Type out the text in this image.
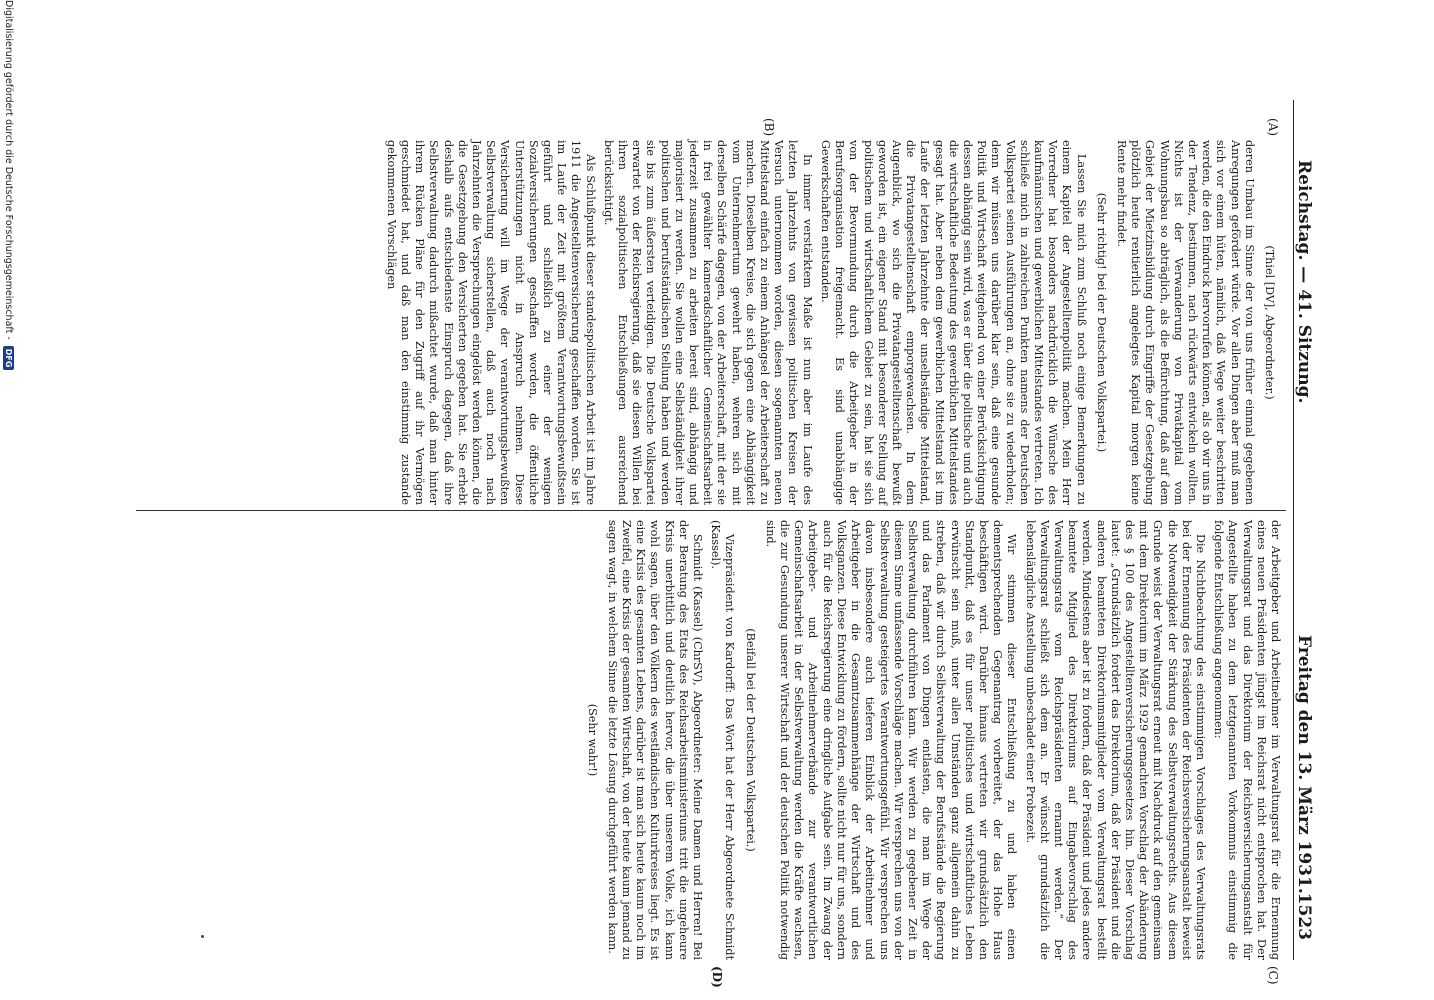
Reichstag. — 41. Sitzung.
Freitag den 13. März 1931.
1523
(A)
(B)
(C)
(D)

(Thiel [DV], Abgeordneter.)

deren Umbau im Sinne der von uns früher einmal gegebenen Anregungen gefördert würde. Vor allen Dingen aber muß man sich vor einem hüten, nämlich, daß Wege weiter beschritten werden, die den Eindruck hervorrufen können, als ob wir uns in der Tendenz, bestimmen, nach rückwärts entwickeln wollten. Nichts ist der Verwanderung von Privatkapital vom Wohnungsbau so abträglich, als die Befürchtung, daß auf dem Gebiet der Mietzinsbildung durch Eingriffe der Gesetzgebung plötzlich heute rentierlich angelegtes Kapital morgen keine Rente mehr findet.

(Sehr richtig! bei der Deutschen Volkspartei.)

Lassen Sie mich zum Schluß noch einige Bemerkungen zu einem Kapitel der Angestelltenpolitik machen. Mein Herr Vorredner hat besonders nachdrücklich die Wünsche des kaufmännischen und gewerblichen Mittelstandes vertreten. Ich schließe mich in zahlreichen Punkten namens der Deutschen Volkspartei seinen Ausführungen an, ohne sie zu wiederholen; denn wir müssen uns darüber klar sein, daß eine gesunde Politik und Wirtschaft weitgehend von einer Berücksichtigung dessen abhängig sein wird, was er über die politische und auch die wirtschaftliche Bedeutung des gewerblichen Mittelstandes gesagt hat. Aber neben dem gewerblichen Mittelstand ist im Laufe der letzten Jahrzehnte der unselbständige Mittelstand, die Privatangestelltenschaft emporgewachsen. In dem Augenblick, wo sich die Privatangestelltenschaft bewußt geworden ist, ein eigener Stand mit besonderer Stellung auf politischem und wirtschaftlichem Gebiet zu sein, hat sie sich von der Bevormundung durch die Arbeitgeber in der Berufsorganisation freigemacht. Es sind unabhängige Gewerkschaften entstanden.

In immer verstärktem Maße ist nun aber im Laufe des letzten Jahrzehnts von gewissen politischen Kreisen der Versuch unternommen worden, diesen sogenannten neuen Mittelstand einfach zu einem Anhängsel der Arbeiterschaft zu machen. Dieselben Kreise, die sich gegen eine Abhängigkeit vom Unternehmertum gewehrt haben, wehren sich mit derselben Schärfe dagegen, von der Arbeiterschaft, mit der sie in frei gewählter kameradschaftlicher Gemeinschaftsarbeit jederzeit zusammen zu arbeiten bereit sind, abhängig und majorisiert zu werden. Sie wollen eine Selbständigkeit ihrer politischen und berufsständischen Stellung haben und werden sie bis zum äußersten verteidigen. Die Deutsche Volkspartei erwartet von der Reichsregierung, daß sie diesen Willen bei ihren sozialpolitischen Entschließungen ausreichend berücksichtigt.

Als Schlußpunkt dieser standespolitischen Arbeit ist im Jahre 1911 die Angestelltenversicherung geschaffen worden. Sie ist im Laufe der Zeit mit größtem Verantwortungsbewußtsein geführt und schließlich zu einer der wenigen Sozialversicherungen geschaffen worden, die öffentliche Unterstützungen nicht in Anspruch nehmen. Diese Versicherung will im Wege der verantwortungsbewußten Selbstverwaltung sicherstellen, daß auch noch nach Jahrzehnten die Versprechungen eingelöst werden können, die die Gesetzgebung den Versicherten gegeben hat. Sie erhebt deshalb aufs entschiedenste Einspruch dagegen, daß ihre Selbstverwaltung dadurch mißachtet wurde, daß man hinter ihrem Rücken Pläne für den Zugriff auf ihr Vermögen geschmiedet hat, und daß man den einstimmig zustande gekommenen Vorschlägen

der Arbeitgeber und Arbeitnehmer im Verwaltungsrat für die Ernennung eines neuen Präsidenten jüngst im Reichsrat nicht entsprochen hat. Der Verwaltungsrat und das Direktorium der Reichsversicherungsanstalt für Angestellte haben zu dem letztgenannten Vorkommnis einstimmig die folgende Entschließung angenommen:

Die Nichtbeachtung des einstimmigen Vorschlages des Verwaltungsrats bei der Ernennung des Präsidenten der Reichsversicherungsanstalt beweist die Notwendigkeit der Stärkung des Selbstverwaltungsrechts. Aus diesem Grunde weist der Verwaltungsrat erneut mit Nachdruck auf den gemeinsam mit dem Direktorium im März 1929 gemachten Vorschlag der Abänderung des § 100 des Angestelltenversicherungsgesetzes hin. Dieser Vorschlag lautet: „Grundsätzlich fordert das Direktorium, daß der Präsident und die anderen beamteten Direktoriumsmitglieder vom Verwaltungsrat bestellt werden. Mindestens aber ist zu fordern, daß der Präsident und jedes andere beamtete Mitglied des Direktoriums auf Eingabevorschlag des Verwaltungsrats vom Reichspräsidenten ernannt werden.“ Der Verwaltungsrat schließt sich dem an. Er wünscht grundsätzlich die lebenslängliche Anstellung unbeschadet einer Probezeit.

Wir stimmen dieser Entschließung zu und haben einen dementsprechenden Gegenantrag vorbereitet, der das Hohe Haus beschäftigen wird. Darüber hinaus vertreten wir grundsätzlich den Standpunkt, daß es für unser politisches und wirtschaftliches Leben erwünscht sein muß, unter allen Umständen ganz allgemein dahin zu streben, daß wir durch Selbstverwaltung der Berufsstände die Regierung und das Parlament von Dingen entlasten, die man im Wege der Selbstverwaltung durchführen kann. Wir werden zu gegebener Zeit in diesem Sinne umfassende Vorschläge machen. Wir versprechen uns von der Selbstverwaltung gesteigertes Verantwortungsgefühl. Wir versprechen uns davon insbesondere auch tieferen Einblick der Arbeitnehmer und Arbeitgeber in die Gesamtzusammenhänge der Wirtschaft und des Volksganzen. Diese Entwicklung zu fördern, sollte nicht nur für uns, sondern auch für die Reichsregierung eine dringliche Aufgabe sein. Im Zwang der Arbeitgeber- und Arbeitnehmerverbände zur verantwortlichen Gemeinschaftsarbeit in der Selbstverwaltung werden die Kräfte wachsen, die zur Gesundung unserer Wirtschaft und der deutschen Politik notwendig sind.

(Beifall bei der Deutschen Volkspartei.)

Vizepräsident von Kardorff: Das Wort hat der Herr Abgeordnete Schmidt (Kassel).

Schmidt (Kassel) (ChrSV), Abgeordneter: Meine Damen und Herren! Bei der Beratung des Etats des Reichsarbeitsministeriums tritt die ungeheure Krisis unerbittlich und deutlich hervor, die über unserem Volke, ich kann wohl sagen, über den Völkern des westländischen Kulturkreises liegt. Es ist eine Krisis des gesamten Lebens, darüber ist man sich heute kaum noch im Zweifel, eine Krisis der gesamten Wirtschaft, von der heute kaum jemand zu sagen wagt, in welchem Sinne die letzte Lösung durchgeführt werden kann.

(Sehr wahr!)

Digitalisierung gefördert durch die Deutsche Forschungsgemeinschaft - DFG
